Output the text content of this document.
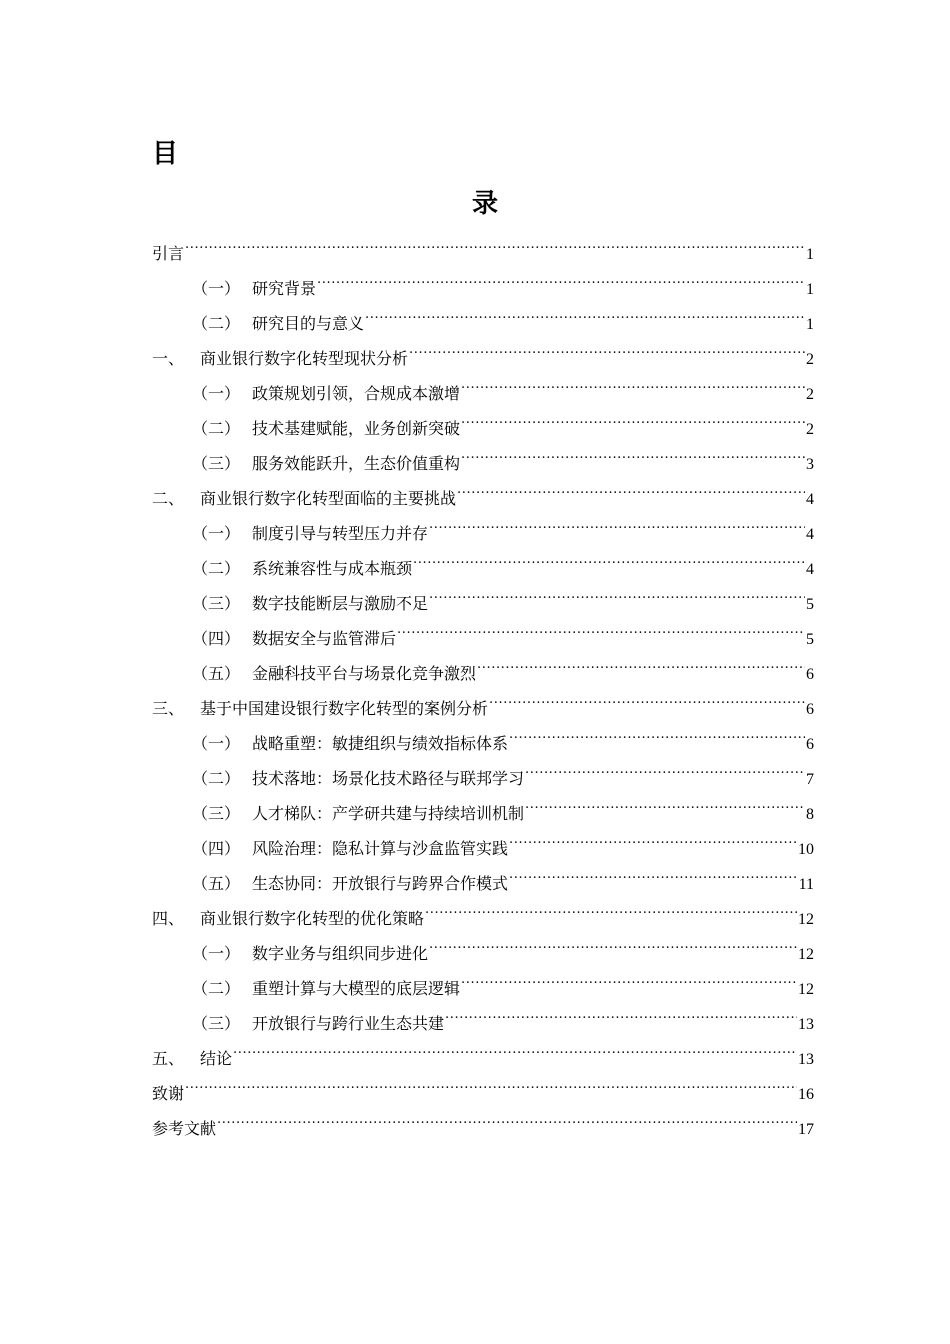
目
录
引言 .....	1
（一） 研究背景 .....	1
（二） 研究目的与意义 .....	1
一、 商业银行数字化转型现状分析 .....	2
（一） 政策规划引领，合规成本激增 .....	2
（二） 技术基建赋能，业务创新突破 .....	2
（三） 服务效能跃升，生态价值重构 .....	3
二、 商业银行数字化转型面临的主要挑战 .....	4
（一） 制度引导与转型压力并存 .....	4
（二） 系统兼容性与成本瓶颈 .....	4
（三） 数字技能断层与激励不足 .....	5
（四） 数据安全与监管滞后 .....	5
（五） 金融科技平台与场景化竞争激烈 .....	6
三、 基于中国建设银行数字化转型的案例分析 .....	6
（一） 战略重塑：敏捷组织与绩效指标体系 .....	6
（二） 技术落地：场景化技术路径与联邦学习 .....	7
（三） 人才梯队：产学研共建与持续培训机制 .....	8
（四） 风险治理：隐私计算与沙盒监管实践 .....	10
（五） 生态协同：开放银行与跨界合作模式 .....	11
四、 商业银行数字化转型的优化策略 .....	12
（一） 数字业务与组织同步进化 .....	12
（二） 重塑计算与大模型的底层逻辑 .....	12
（三） 开放银行与跨行业生态共建 .....	13
五、 结论 .....	13
致谢 .....	16
参考文献 .....	17
